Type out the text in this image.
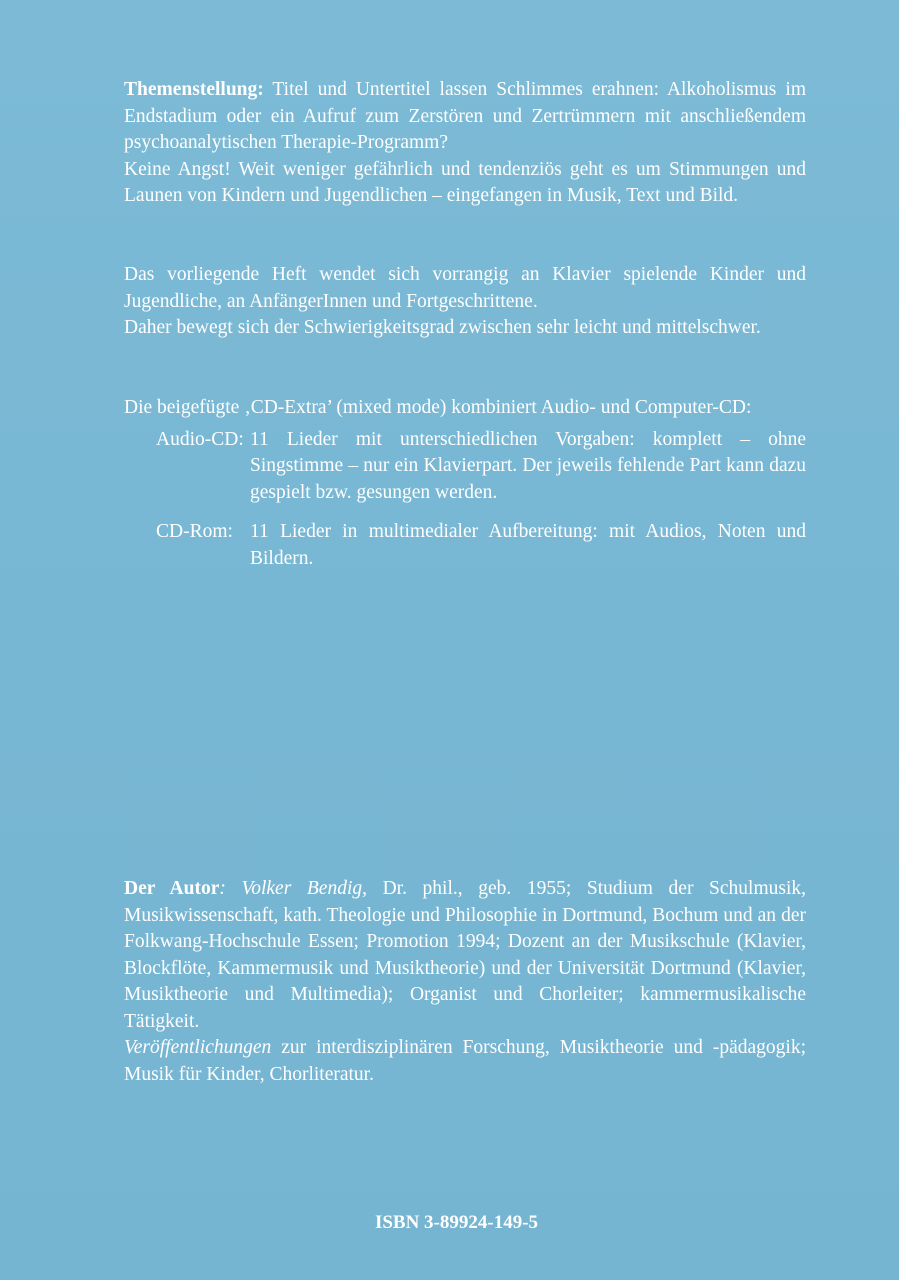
Themenstellung: Titel und Untertitel lassen Schlimmes erahnen: Alkoholismus im Endstadium oder ein Aufruf zum Zerstören und Zertrümmern mit anschließendem psychoanalytischen Therapie-Programm?

Keine Angst! Weit weniger gefährlich und tendenziös geht es um Stimmungen und Launen von Kindern und Jugendlichen – eingefangen in Musik, Text und Bild.

Das vorliegende Heft wendet sich vorrangig an Klavier spielende Kinder und Jugendliche, an AnfängerInnen und Fortgeschrittene.

Daher bewegt sich der Schwierigkeitsgrad zwischen sehr leicht und mittelschwer.

Die beigefügte ‚CD-Extra’ (mixed mode) kombiniert Audio- und Computer-CD:

Audio-CD: 11 Lieder mit unterschiedlichen Vorgaben: komplett – ohne Singstimme – nur ein Klavierpart. Der jeweils fehlende Part kann dazu gespielt bzw. gesungen werden.
CD-Rom: 11 Lieder in multimedialer Aufbereitung: mit Audios, Noten und Bildern.

Der Autor: Volker Bendig, Dr. phil., geb. 1955; Studium der Schulmusik, Musikwissenschaft, kath. Theologie und Philosophie in Dortmund, Bochum und an der Folkwang-Hochschule Essen; Promotion 1994; Dozent an der Musikschule (Klavier, Blockflöte, Kammermusik und Musiktheorie) und der Universität Dortmund (Klavier, Musiktheorie und Multimedia); Organist und Chorleiter; kammermusikalische Tätigkeit.

Veröffentlichungen zur interdisziplinären Forschung, Musiktheorie und -pädagogik; Musik für Kinder, Chorliteratur.

ISBN 3-89924-149-5
